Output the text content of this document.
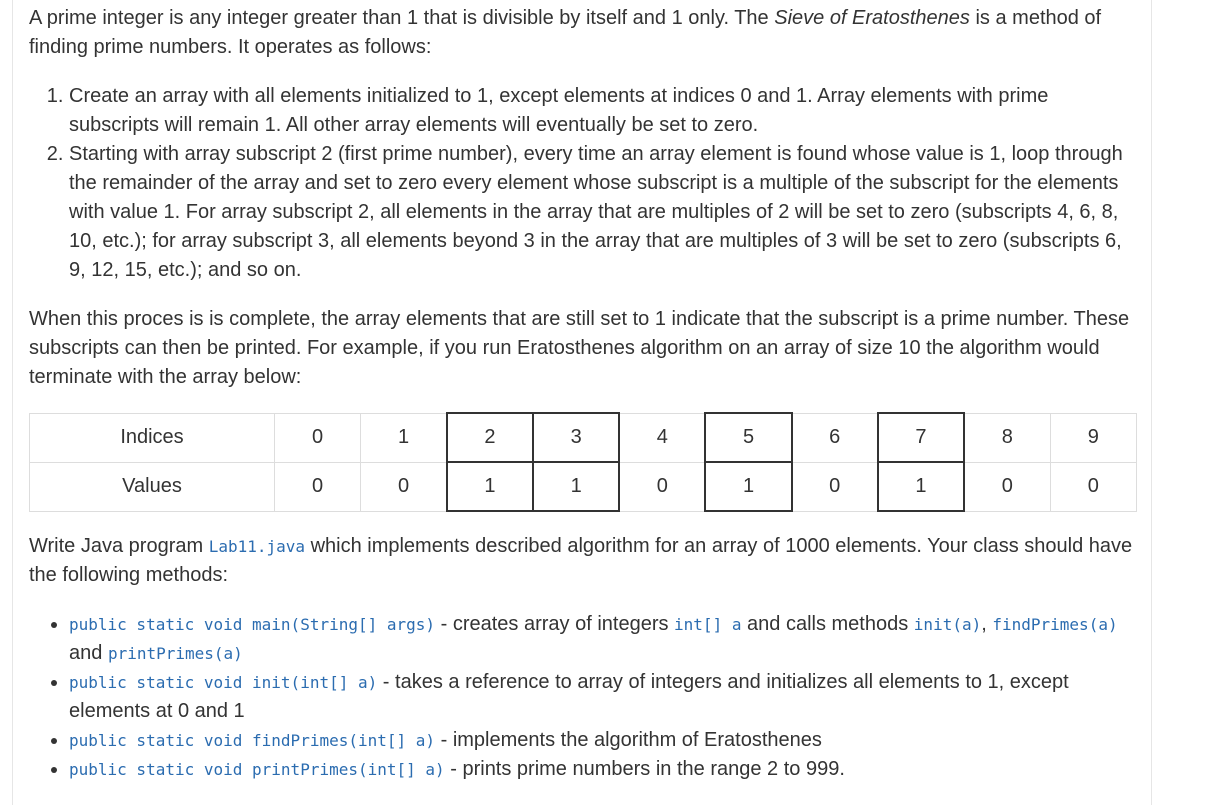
A prime integer is any integer greater than 1 that is divisible by itself and 1 only. The Sieve of Eratosthenes is a method of finding prime numbers. It operates as follows:

1. Create an array with all elements initialized to 1, except elements at indices 0 and 1. Array elements with prime subscripts will remain 1. All other array elements will eventually be set to zero.
2. Starting with array subscript 2 (first prime number), every time an array element is found whose value is 1, loop through the remainder of the array and set to zero every element whose subscript is a multiple of the subscript for the elements with value 1. For array subscript 2, all elements in the array that are multiples of 2 will be set to zero (subscripts 4, 6, 8, 10, etc.); for array subscript 3, all elements beyond 3 in the array that are multiples of 3 will be set to zero (subscripts 6, 9, 12, 15, etc.); and so on.

When this proces is is complete, the array elements that are still set to 1 indicate that the subscript is a prime number. These subscripts can then be printed. For example, if you run Eratosthenes algorithm on an array of size 10 the algorithm would terminate with the array below:

Indices	0	1	2	3	4	5	6	7	8	9
Values	0	0	1	1	0	1	0	1	0	0

Write Java program Lab11.java which implements described algorithm for an array of 1000 elements. Your class should have the following methods:

• public static void main(String[] args) - creates array of integers int[] a and calls methods init(a), findPrimes(a) and printPrimes(a)
• public static void init(int[] a) - takes a reference to array of integers and initializes all elements to 1, except elements at 0 and 1
• public static void findPrimes(int[] a) - implements the algorithm of Eratosthenes
• public static void printPrimes(int[] a) - prints prime numbers in the range 2 to 999.
